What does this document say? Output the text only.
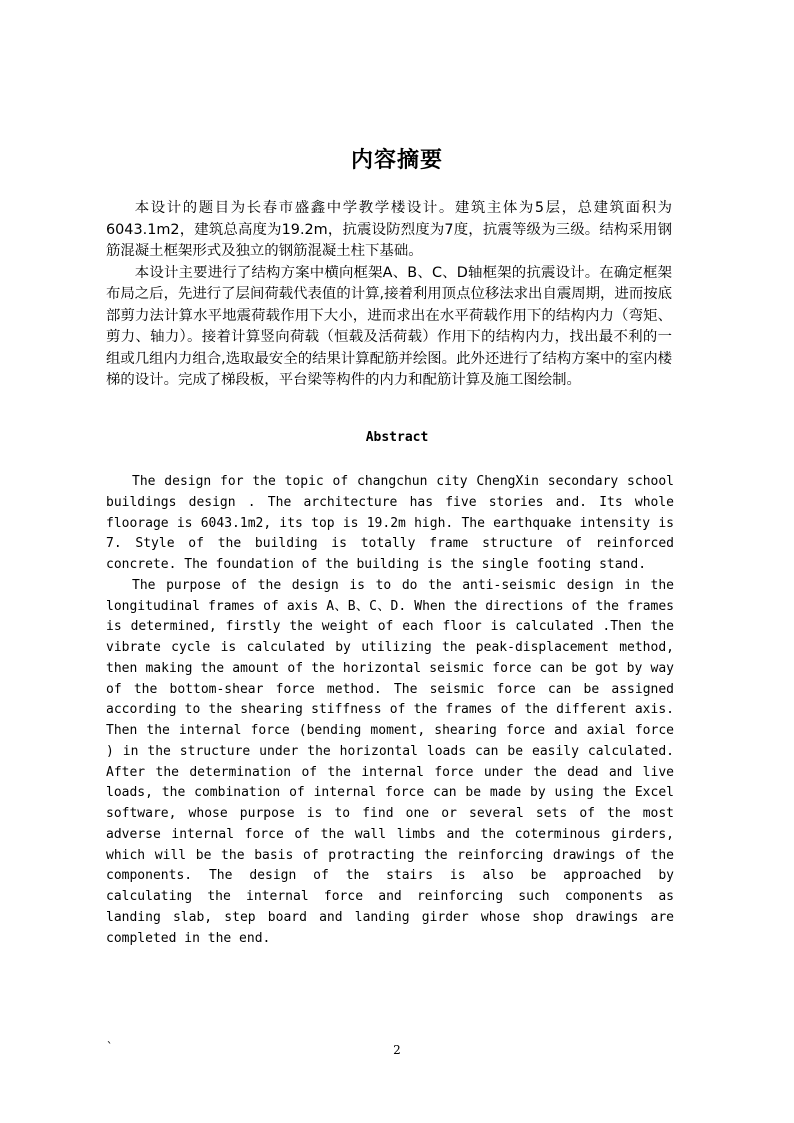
内容摘要

本设计的题目为长春市盛鑫中学教学楼设计。建筑主体为5层，总建筑面积为6043.1m2，建筑总高度为19.2m，抗震设防烈度为7度，抗震等级为三级。结构采用钢筋混凝土框架形式及独立的钢筋混凝土柱下基础。

本设计主要进行了结构方案中横向框架A、B、C、D轴框架的抗震设计。在确定框架布局之后，先进行了层间荷载代表值的计算,接着利用顶点位移法求出自震周期，进而按底部剪力法计算水平地震荷载作用下大小，进而求出在水平荷载作用下的结构内力（弯矩、剪力、轴力）。接着计算竖向荷载（恒载及活荷载）作用下的结构内力，找出最不利的一组或几组内力组合,选取最安全的结果计算配筋并绘图。此外还进行了结构方案中的室内楼梯的设计。完成了梯段板，平台梁等构件的内力和配筋计算及施工图绘制。

Abstract

The design for the topic of changchun city ChengXin secondary school buildings design . The architecture has five stories and. Its whole floorage is 6043.1m2, its top is 19.2m high. The earthquake intensity is 7. Style of the building is totally frame structure of reinforced concrete. The foundation of the building is the single footing stand.

The purpose of the design is to do the anti-seismic design in the longitudinal frames of axis A、B、C、D. When the directions of the frames is determined, firstly the weight of each floor is calculated .Then the vibrate cycle is calculated by utilizing the peak-displacement method, then making the amount of the horizontal seismic force can be got by way of the bottom-shear force method. The seismic force can be assigned according to the shearing stiffness of the frames of the different axis. Then the internal force (bending moment, shearing force and axial force ) in the structure under the horizontal loads can be easily calculated. After the determination of the internal force under the dead and live loads, the combination of internal force can be made by using the Excel software, whose purpose is to find one or several sets of the most adverse internal force of the wall limbs and the coterminous girders, which will be the basis of protracting the reinforcing drawings of the components. The design of the stairs is also be approached by calculating the internal force and reinforcing such components as landing slab, step board and landing girder whose shop drawings are completed in the end.

`	2
